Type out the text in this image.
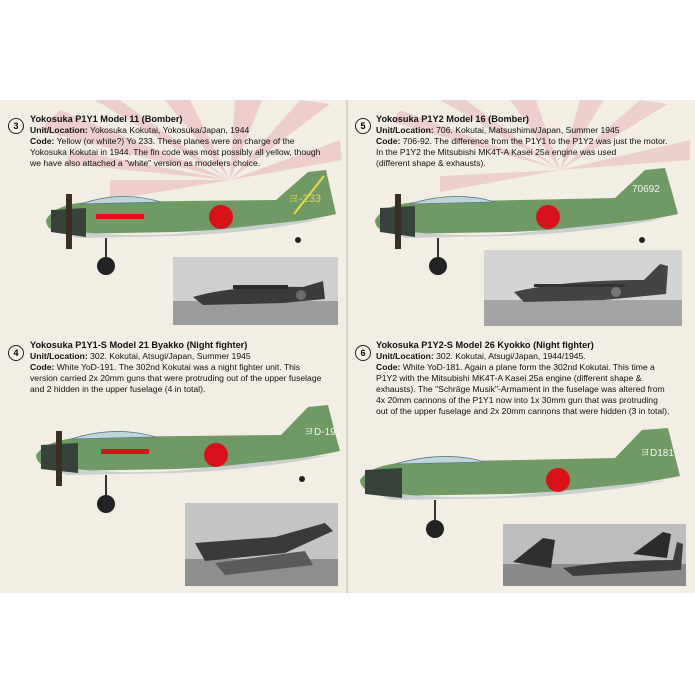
3
Yokosuka P1Y1 Model 11 (Bomber)
Unit/Location: Yokosuka Kokutai, Yokosuka/Japan, 1944
Code: Yellow (or white?) Yo 233. These planes were on charge of the
Yokosuka Kokutai in 1944. The fin code was most possibly all yellow, though
we have also attached a "white" version as modelers choice.
5
Yokosuka P1Y2 Model 16 (Bomber)
Unit/Location: 706. Kokutai, Matsushima/Japan, Summer 1945
Code: 706-92. The difference from the P1Y1 to the P1Y2 was just the motor.
In the P1Y2 the Mitsubishi MK4T-A Kasei 25a engine was used
(different shape & exhausts).
4
Yokosuka P1Y1-S Model 21 Byakko (Night fighter)
Unit/Location: 302. Kokutai, Atsugi/Japan, Summer 1945
Code: White YoD-191. The 302nd Kokutai was a night fighter unit. This
version carried 2x 20mm guns that were protruding out of the upper fuselage
and 2 hidden in the upper fuselage (4 in total).
6
Yokosuka P1Y2-S Model 26 Kyokko (Night fighter)
Unit/Location: 302. Kokutai, Atsugi/Japan, 1944/1945.
Code: White YoD-181. Again a plane form the 302nd Kokutai. This time a
P1Y2 with the Mitsubishi MK4T-A Kasei 25a engine (different shape &
exhausts). The "Schräge Musik"-Armament in the fuselage was altered from
4x 20mm cannons of the P1Y1 now into 1x 30mm gun that was protruding
out of the upper fuselage and 2x 20mm cannons that were hidden (3 in total).
ヨ-233
70692
ヨD-191
ヨD181
period-photo-p1y1-on-airfield
period-photo-p1y2-parked
period-photo-wrecked-aircraft
period-photo-aircraft-line-up
